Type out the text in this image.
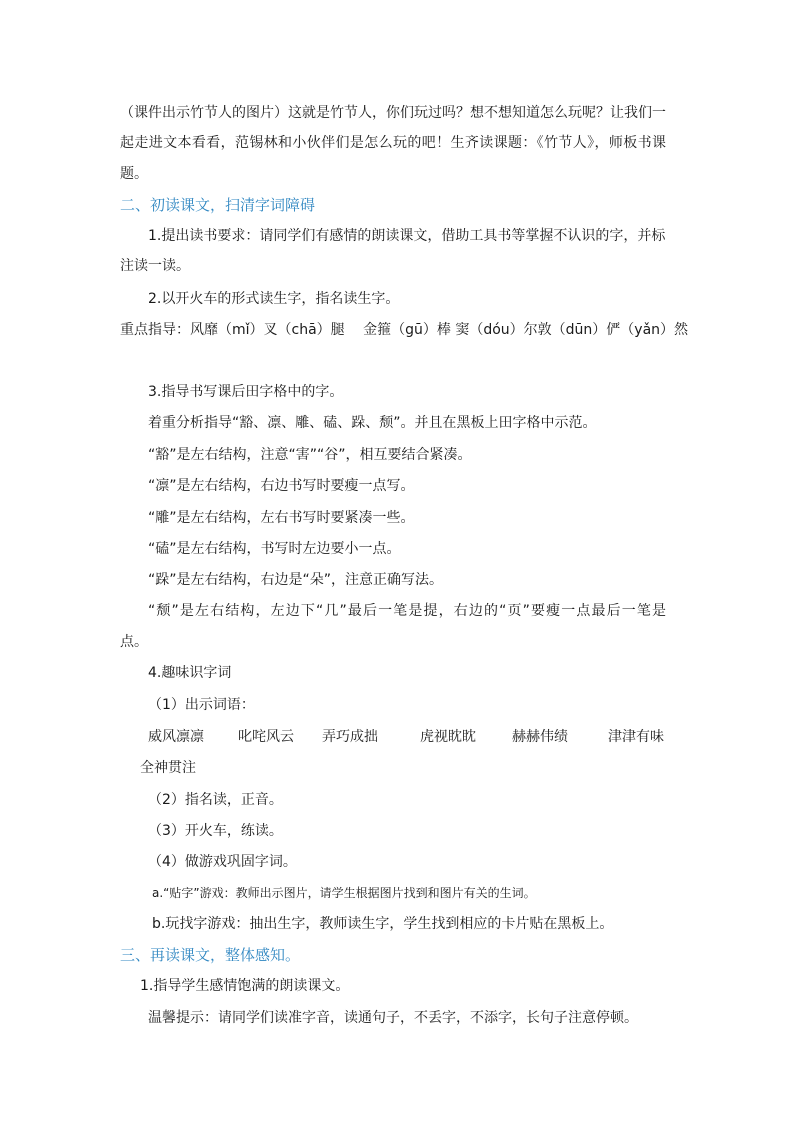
（课件出示竹节人的图片）这就是竹节人，你们玩过吗？想不想知道怎么玩呢？让我们一
起走进文本看看，范锡林和小伙伴们是怎么玩的吧！生齐读课题：《竹节人》，师板书课
题。
二、初读课文，扫清字词障碍
1.提出读书要求：请同学们有感情的朗读课文，借助工具书等掌握不认识的字，并标
注读一读。
2.以开火车的形式读生字，指名读生字。
重点指导：风靡（mǐ）叉（chā）腿　 金箍（gū）棒 窦（dóu）尔敦（dūn）俨（yǎn）然
3.指导书写课后田字格中的字。
着重分析指导“豁、凛、雕、磕、跺、颓”。并且在黑板上田字格中示范。
“豁”是左右结构，注意“害”“谷”，相互要结合紧凑。
“凛”是左右结构，右边书写时要瘦一点写。
“雕”是左右结构，左右书写时要紧凑一些。
“磕”是左右结构，书写时左边要小一点。
“跺”是左右结构，右边是“朵”，注意正确写法。
“颓”是左右结构，左边下“几”最后一笔是提，右边的“页”要瘦一点最后一笔是
点。
4.趣味识字词
（1）出示词语：
威风凛凛 叱咤风云 弄巧成拙	虎视眈眈	赫赫伟绩	津津有味
全神贯注
（2）指名读，正音。
（3）开火车，练读。
（4）做游戏巩固字词。
a.“贴字”游戏：教师出示图片，请学生根据图片找到和图片有关的生词。
b.玩找字游戏：抽出生字，教师读生字，学生找到相应的卡片贴在黑板上。
三、再读课文，整体感知。
1.指导学生感情饱满的朗读课文。
温馨提示：请同学们读准字音，读通句子，不丢字，不添字，长句子注意停顿。
